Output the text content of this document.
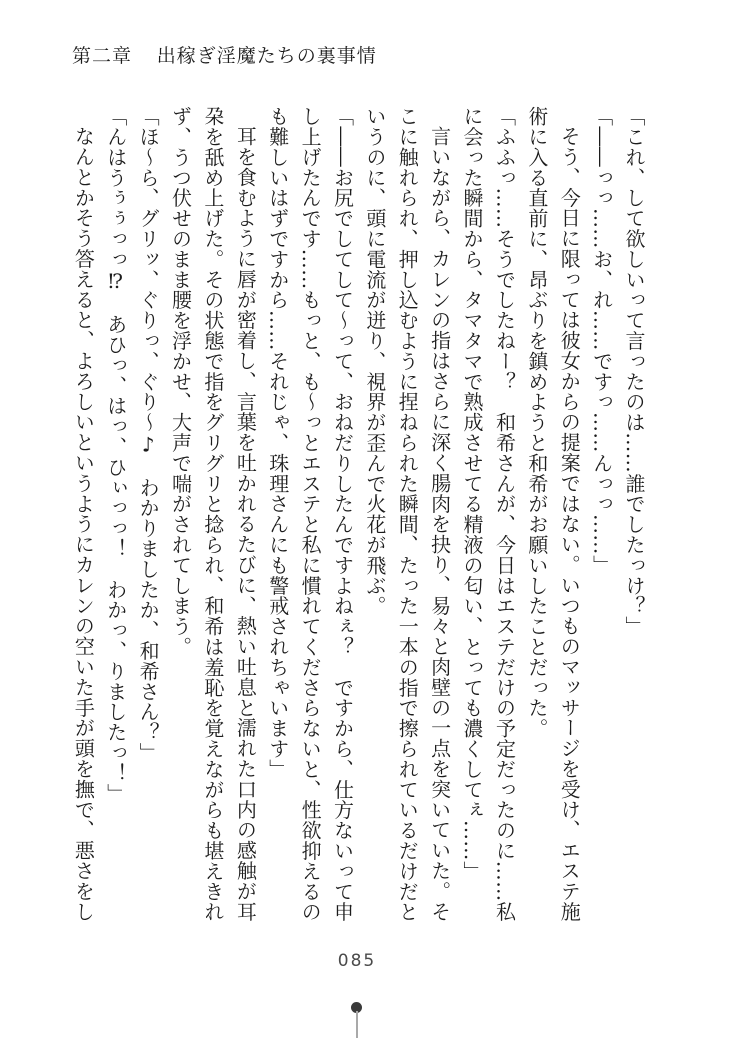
第二章 出稼ぎ淫魔たちの裏事情

「これ、して欲しいって言ったのは……誰でしたっけ？」

「――っっ……お、れ……ですっ……んっっ……」

そう、今日に限っては彼女からの提案ではない。いつものマッサージを受け、エステ施術に入る直前に、昂ぶりを鎮めようと和希がお願いしたことだった。

「ふふっ……そうでしたねー？　和希さんが、今日はエステだけの予定だったのに……私に会った瞬間から、タマタマで熟成させてる精液の匂い、とっても濃くしてぇ……」

言いながら、カレンの指はさらに深く腸肉を抉り、易々と肉壁の一点を突いていた。そこに触れられ、押し込むように捏ねられた瞬間、たった一本の指で擦られているだけだというのに、頭に電流が迸り、視界が歪んで火花が飛ぶ。

「――お尻でしてして〜って、おねだりしたんですよねぇ？　ですから、仕方ないって申し上げたんです……もっと、も〜っとエステと私に慣れてくださらないと、性欲抑えるのも難しいはずですから……それじゃ、珠理さんにも警戒されちゃいます」

耳を食むように唇が密着し、言葉を吐かれるたびに、熱い吐息と濡れた口内の感触が耳朶を舐め上げた。その状態で指をグリグリと捻られ、和希は羞恥を覚えながらも堪えきれず、うつ伏せのまま腰を浮かせ、大声で喘がされてしまう。

「ほ〜ら、グリッ、ぐりっ、ぐり〜♪　わかりましたか、和希さん？」

「んはうぅぅっっ⁉　あひっ、はっ、ひぃっっ！　わかっ、りましたっ！」

なんとかそう答えると、よろしいというようにカレンの空いた手が頭を撫で、悪さをし

085
